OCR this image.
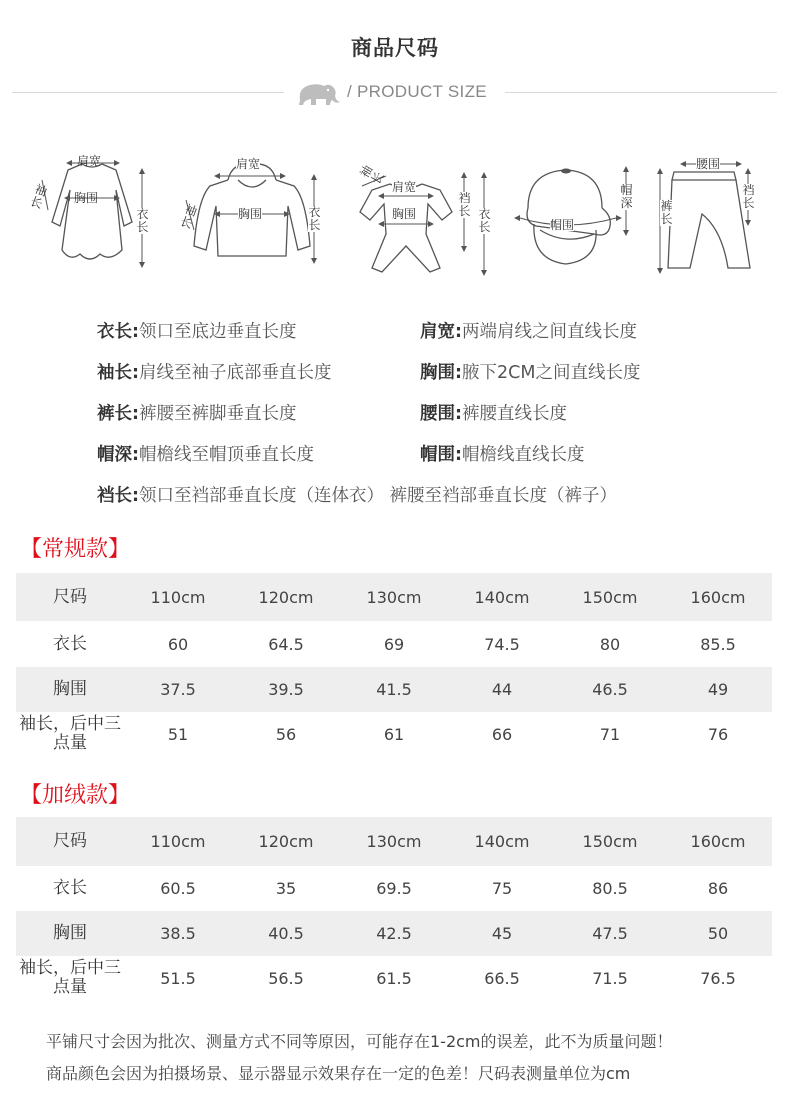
商品尺码
/ PRODUCT SIZE
肩宽
胸围
衣长
袖长
肩宽
胸围	衣长
袖长
肩宽
胸围
裆长 衣长
袖长
帽围
帽深
腰围
裤长
裆长
衣长:领口至底边垂直长度	肩宽:两端肩线之间直线长度
袖长:肩线至袖子底部垂直长度	胸围:腋下2CM之间直线长度
裤长:裤腰至裤脚垂直长度	腰围:裤腰直线长度
帽深:帽檐线至帽顶垂直长度	帽围:帽檐线直线长度
裆长:领口至裆部垂直长度（连体衣） 裤腰至裆部垂直长度（裤子）
【常规款】
尺码	110cm	120cm	130cm	140cm	150cm	160cm
衣长	60	64.5	69	74.5	80	85.5
胸围	37.5	39.5	41.5	44	46.5	49
袖长，后中三点量	51	56	61	66	71	76
【加绒款】
尺码	110cm	120cm	130cm	140cm	150cm	160cm
衣长	60.5	35	69.5	75	80.5	86
胸围	38.5	40.5	42.5	45	47.5	50
袖长，后中三点量	51.5	56.5	61.5	66.5	71.5	76.5
平铺尺寸会因为批次、测量方式不同等原因，可能存在1-2cm的误差，此不为质量问题！
商品颜色会因为拍摄场景、显示器显示效果存在一定的色差！尺码表测量单位为cm
